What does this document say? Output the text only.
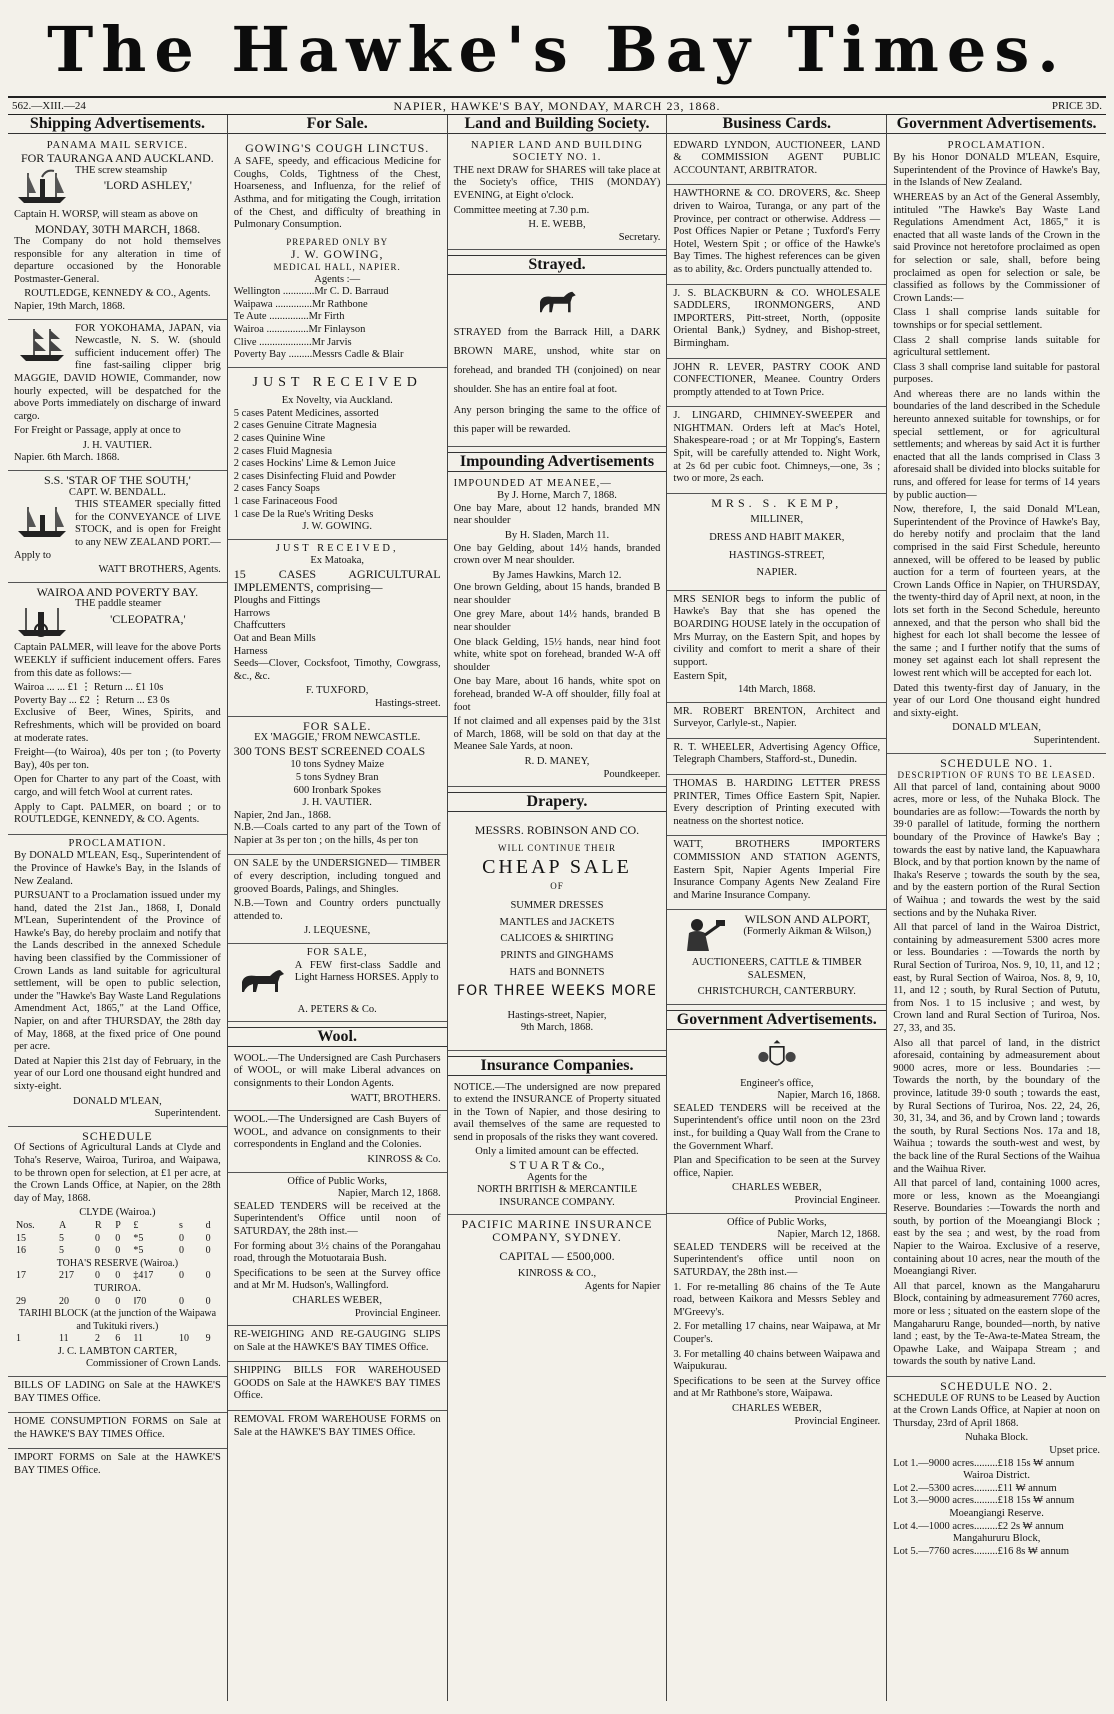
The Hawke's Bay Times.
562.—XIII.—24	NAPIER, HAWKE'S BAY, MONDAY, MARCH 23, 1868.	PRICE 3D.
Shipping Advertisements.
PANAMA MAIL SERVICE.
FOR TAURANGA AND AUCKLAND.
THE screw steamship
'LORD ASHLEY,'
Captain H. WORSP, will steam as above on
MONDAY, 30TH MARCH, 1868.
The Company do not hold themselves responsible for any alteration in time of departure occasioned by the Honorable Postmaster-General.
ROUTLEDGE, KENNEDY & CO., Agents.
Napier, 19th March, 1868.
FOR YOKOHAMA, JAPAN, via Newcastle, N. S. W. (should sufficient inducement offer) The fine fast-sailing clipper brig MAGGIE, DAVID HOWIE, Commander, now hourly expected, will be despatched for the above Ports immediately on discharge of inward cargo.
For Freight or Passage, apply at once to
J. H. VAUTIER.
Napier. 6th March. 1868.
S.S. 'STAR OF THE SOUTH,'
CAPT. W. BENDALL.
THIS STEAMER specially fitted for the CONVEYANCE of LIVE STOCK, and is open for Freight to any NEW ZEALAND PORT.—Apply to
WATT BROTHERS, Agents.
WAIROA AND POVERTY BAY.
THE paddle steamer
'CLEOPATRA,'
Captain PALMER, will leave for the above Ports WEEKLY if sufficient inducement offers. Fares from this date as follows:—
Wairoa ... ... £1 ⋮ Return ... £1 10s
Poverty Bay ... £2 ⋮ Return ... £3 0s
Exclusive of Beer, Wines, Spirits, and Refreshments, which will be provided on board at moderate rates.
Freight—(to Wairoa), 40s per ton ; (to Poverty Bay), 40s per ton.
Open for Charter to any part of the Coast, with cargo, and will fetch Wool at current rates.
Apply to Capt. PALMER, on board ; or to ROUTLEDGE, KENNEDY, & CO. Agents.
PROCLAMATION.
By DONALD M'LEAN, Esq., Superintendent of the Province of Hawke's Bay, in the Islands of New Zealand.
PURSUANT to a Proclamation issued under my hand, dated the 21st Jan., 1868, I, Donald M'Lean, Superintendent of the Province of Hawke's Bay, do hereby proclaim and notify that the Lands described in the annexed Schedule having been classified by the Commissioner of Crown Lands as land suitable for agricultural settlement, will be open to public selection, under the "Hawke's Bay Waste Land Regulations Amendment Act, 1865," at the Land Office, Napier, on and after THURSDAY, the 28th day of May, 1868, at the fixed price of One pound per acre.
Dated at Napier this 21st day of February, in the year of our Lord one thousand eight hundred and sixty-eight.
DONALD M'LEAN,
Superintendent.
SCHEDULE
Of Sections of Agricultural Lands at Clyde and Toha's Reserve, Wairoa, Turiroa, and Waipawa, to be thrown open for selection, at £1 per acre, at the Crown Lands Office, at Napier, on the 28th day of May, 1868.
CLYDE (Wairoa.)
Nos.	A	R	P	£	s	d
15	5	0	0	*5	0	0
16	5	0	0	*5	0	0
TOHA'S RESERVE (Wairoa.)						
17	217	0	0	‡417	0	0
TURIROA.						
29	20	0	0	‖70	0	0
TARIHI BLOCK (at the junction of the Waipawa and Tukituki rivers.)						
1	11	2	6	11	10	9
J. C. LAMBTON CARTER,
Commissioner of Crown Lands.
BILLS OF LADING on Sale at the HAWKE'S BAY TIMES Office.
HOME CONSUMPTION FORMS on Sale at the HAWKE'S BAY TIMES Office.
IMPORT FORMS on Sale at the HAWKE'S BAY TIMES Office.
For Sale.
GOWING'S COUGH LINCTUS.
A SAFE, speedy, and efficacious Medicine for Coughs, Colds, Tightness of the Chest, Hoarseness, and Influenza, for the relief of Asthma, and for mitigating the Cough, irritation of the Chest, and difficulty of breathing in Pulmonary Consumption.
PREPARED ONLY BY
J. W. GOWING,
MEDICAL HALL, NAPIER.
Agents :—
Wellington ............Mr C. D. Barraud
Waipawa ..............Mr Rathbone
Te Aute ...............Mr Firth
Wairoa ................Mr Finlayson
Clive ....................Mr Jarvis
Poverty Bay .........Messrs Cadle & Blair
JUST RECEIVED
Ex Novelty, via Auckland.
5 cases Patent Medicines, assorted
2 cases Genuine Citrate Magnesia
2 cases Quinine Wine
2 cases Fluid Magnesia
2 cases Hockins' Lime & Lemon Juice
2 cases Disinfecting Fluid and Powder
2 cases Fancy Soaps
1 case Farinaceous Food
1 case De la Rue's Writing Desks
J. W. GOWING.
JUST RECEIVED,
Ex Matoaka,
15 CASES AGRICULTURAL IMPLEMENTS, comprising—
Ploughs and Fittings
Harrows
Chaffcutters
Oat and Bean Mills
Harness
Seeds—Clover, Cocksfoot, Timothy, Cowgrass, &c., &c.
F. TUXFORD,
Hastings-street.
FOR SALE.
EX 'MAGGIE,' FROM NEWCASTLE.
300 TONS BEST SCREENED COALS
10 tons Sydney Maize
5 tons Sydney Bran
600 Ironbark Spokes
J. H. VAUTIER.
Napier, 2nd Jan., 1868.
N.B.—Coals carted to any part of the Town of Napier at 3s per ton ; on the hills, 4s per ton
ON SALE by the UNDERSIGNED— TIMBER of every description, including tongued and grooved Boards, Palings, and Shingles.
N.B.—Town and Country orders punctually attended to.
J. LEQUESNE,
FOR SALE,
A FEW first-class Saddle and Light Harness HORSES. Apply to
A. PETERS & Co.
Wool.
WOOL.—The Undersigned are Cash Purchasers of WOOL, or will make Liberal advances on consignments to their London Agents.
WATT, BROTHERS.
WOOL.—The Undersigned are Cash Buyers of WOOL, and advance on consignments to their correspondents in England and the Colonies.
KINROSS & Co.
Office of Public Works,
Napier, March 12, 1868.
SEALED TENDERS will be received at the Superintendent's Office until noon of SATURDAY, the 28th inst.—
For forming about 3½ chains of the Porangahau road, through the Motuotaraia Bush.
Specifications to be seen at the Survey office and at Mr M. Hudson's, Wallingford.
CHARLES WEBER,
Provincial Engineer.
RE-WEIGHING AND RE-GAUGING SLIPS on Sale at the HAWKE'S BAY TIMES Office.
SHIPPING BILLS FOR WAREHOUSED GOODS on Sale at the HAWKE'S BAY TIMES Office.
REMOVAL FROM WAREHOUSE FORMS on Sale at the HAWKE'S BAY TIMES Office.
Land and Building Society.
NAPIER LAND AND BUILDING SOCIETY NO. 1.
THE next DRAW for SHARES will take place at the Society's office, THIS (MONDAY) EVENING, at Eight o'clock.
Committee meeting at 7.30 p.m.
H. E. WEBB,
Secretary.
Strayed.
STRAYED from the Barrack Hill, a DARK BROWN MARE, unshod, white star on forehead, and branded TH (conjoined) on near shoulder. She has an entire foal at foot.
Any person bringing the same to the office of this paper will be rewarded.
Impounding Advertisements
IMPOUNDED AT MEANEE,—
By J. Horne, March 7, 1868.
One bay Mare, about 12 hands, branded MN near shoulder
By H. Sladen, March 11.
One bay Gelding, about 14½ hands, branded crown over M near shoulder.
By James Hawkins, March 12.
One brown Gelding, about 15 hands, branded B near shoulder
One grey Mare, about 14½ hands, branded B near shoulder
One black Gelding, 15½ hands, near hind foot white, white spot on forehead, branded W-A off shoulder
One bay Mare, about 16 hands, white spot on forehead, branded W-A off shoulder, filly foal at foot
If not claimed and all expenses paid by the 31st of March, 1868, will be sold on that day at the Meanee Sale Yards, at noon.
R. D. MANEY,
Poundkeeper.
Drapery.
MESSRS. ROBINSON AND CO.
WILL CONTINUE THEIR
CHEAP SALE
OF
SUMMER DRESSES
MANTLES and JACKETS
CALICOES & SHIRTING
PRINTS and GINGHAMS
HATS and BONNETS
FOR THREE WEEKS MORE
Hastings-street, Napier,
9th March, 1868.
Insurance Companies.
NOTICE.—The undersigned are now prepared to extend the INSURANCE of Property situated in the Town of Napier, and those desiring to avail themselves of the same are requested to send in proposals of the risks they want covered.
Only a limited amount can be effected.
S T U A R T & Co.,
Agents for the
NORTH BRITISH & MERCANTILE INSURANCE COMPANY.
PACIFIC MARINE INSURANCE COMPANY, SYDNEY.
CAPITAL — £500,000.
KINROSS & CO.,
Agents for Napier
Business Cards.
EDWARD LYNDON, AUCTIONEER, LAND & COMMISSION AGENT PUBLIC ACCOUNTANT, ARBITRATOR.
HAWTHORNE & CO. DROVERS, &c. Sheep driven to Wairoa, Turanga, or any part of the Province, per contract or otherwise. Address —Post Offices Napier or Petane ; Tuxford's Ferry Hotel, Western Spit ; or office of the Hawke's Bay Times. The highest references can be given as to ability, &c. Orders punctually attended to.
J. S. BLACKBURN & CO. WHOLESALE SADDLERS, IRONMONGERS, AND IMPORTERS, Pitt-street, North, (opposite Oriental Bank,) Sydney, and Bishop-street, Birmingham.
JOHN R. LEVER, PASTRY COOK AND CONFECTIONER, Meanee. Country Orders promptly attended to at Town Price.
J. LINGARD, CHIMNEY-SWEEPER and NIGHTMAN. Orders left at Mac's Hotel, Shakespeare-road ; or at Mr Topping's, Eastern Spit, will be carefully attended to. Night Work, at 2s 6d per cubic foot. Chimneys,—one, 3s ; two or more, 2s each.
MRS. S. KEMP,
MILLINER,
DRESS AND HABIT MAKER,
HASTINGS-STREET,
NAPIER.
MRS SENIOR begs to inform the public of Hawke's Bay that she has opened the BOARDING HOUSE lately in the occupation of Mrs Murray, on the Eastern Spit, and hopes by civility and comfort to merit a share of their support.
Eastern Spit,
14th March, 1868.
MR. ROBERT BRENTON, Architect and Surveyor, Carlyle-st., Napier.
R. T. WHEELER, Advertising Agency Office, Telegraph Chambers, Stafford-st., Dunedin.
THOMAS B. HARDING LETTER PRESS PRINTER, Times Office Eastern Spit, Napier. Every description of Printing executed with neatness on the shortest notice.
WATT, BROTHERS IMPORTERS COMMISSION AND STATION AGENTS, Eastern Spit, Napier Agents Imperial Fire Insurance Company Agents New Zealand Fire and Marine Insurance Company.
WILSON AND ALPORT,
(Formerly Aikman & Wilson,)
AUCTIONEERS, CATTLE & TIMBER SALESMEN,
CHRISTCHURCH, CANTERBURY.
Government Advertisements.
Engineer's office,
Napier, March 16, 1868.
SEALED TENDERS will be received at the Superintendent's office until noon on the 23rd inst., for building a Quay Wall from the Crane to the Government Wharf.
Plan and Specification to be seen at the Survey office, Napier.
CHARLES WEBER,
Provincial Engineer.
Office of Public Works,
Napier, March 12, 1868.
SEALED TENDERS will be received at the Superintendent's office until noon on SATURDAY, the 28th inst.—
1. For re-metalling 86 chains of the Te Aute road, between Kaikora and Messrs Sebley and M'Greevy's.
2. For metalling 17 chains, near Waipawa, at Mr Couper's.
3. For metalling 40 chains between Waipawa and Waipukurau.
Specifications to be seen at the Survey office and at Mr Rathbone's store, Waipawa.
CHARLES WEBER,
Provincial Engineer.
Government Advertisements.
PROCLAMATION.
By his Honor DONALD M'LEAN, Esquire, Superintendent of the Province of Hawke's Bay, in the Islands of New Zealand.
WHEREAS by an Act of the General Assembly, intituled "The Hawke's Bay Waste Land Regulations Amendment Act, 1865," it is enacted that all waste lands of the Crown in the said Province not heretofore proclaimed as open for selection or sale, shall, before being proclaimed as open for selection or sale, be classified as follows by the Commissioner of Crown Lands:—
Class 1 shall comprise lands suitable for townships or for special settlement.
Class 2 shall comprise lands suitable for agricultural settlement.
Class 3 shall comprise land suitable for pastoral purposes.
And whereas there are no lands within the boundaries of the land described in the Schedule hereunto annexed suitable for townships, or for special settlement, or for agricultural settlements; and whereas by said Act it is further enacted that all the lands comprised in Class 3 aforesaid shall be divided into blocks suitable for runs, and offered for lease for terms of 14 years by public auction—
Now, therefore, I, the said Donald M'Lean, Superintendent of the Province of Hawke's Bay, do hereby notify and proclaim that the land comprised in the said First Schedule, hereunto annexed, will be offered to be leased by public auction for a term of fourteen years, at the Crown Lands Office in Napier, on THURSDAY, the twenty-third day of April next, at noon, in the lots set forth in the Second Schedule, hereunto annexed, and that the person who shall bid the highest for each lot shall become the lessee of the same ; and I further notify that the sums of money set against each lot shall represent the lowest rent which will be accepted for each lot.
Dated this twenty-first day of January, in the year of our Lord One thousand eight hundred and sixty-eight.
DONALD M'LEAN,
Superintendent.
SCHEDULE NO. 1.
DESCRIPTION OF RUNS TO BE LEASED.
All that parcel of land, containing about 9000 acres, more or less, of the Nuhaka Block. The boundaries are as follow:—Towards the north by 39·0 parallel of latitude, forming the northern boundary of the Province of Hawke's Bay ; towards the east by native land, the Kapuawhara Block, and by that portion known by the name of Ihaka's Reserve ; towards the south by the sea, and by the eastern portion of the Rural Section of Waihua ; and towards the west by the said sections and by the Nuhaka River.
All that parcel of land in the Wairoa District, containing by admeasurement 5300 acres more or less. Boundaries : —Towards the north by Rural Section of Turiroa, Nos. 9, 10, 11, and 12 ; east, by Rural Section of Wairoa, Nos. 8, 9, 10, 11, and 12 ; south, by Rural Section of Pututu, from Nos. 1 to 15 inclusive ; and west, by Crown land and Rural Section of Turiroa, Nos. 27, 33, and 35.
Also all that parcel of land, in the district aforesaid, containing by admeasurement about 9000 acres, more or less. Boundaries :—Towards the north, by the boundary of the province, latitude 39·0 south ; towards the east, by Rural Sections of Turiroa, Nos. 22, 24, 26, 30, 31, 34, and 36, and by Crown land ; towards the south, by Rural Sections Nos. 17a and 18, Waihua ; towards the south-west and west, by the back line of the Rural Sections of the Waihua and the Waihua River.
All that parcel of land, containing 1000 acres, more or less, known as the Moeangiangi Reserve. Boundaries :—Towards the north and south, by portion of the Moeangiangi Block ; east by the sea ; and west, by the road from Napier to the Wairoa. Exclusive of a reserve, containing about 10 acres, near the mouth of the Moeangiangi River.
All that parcel, known as the Mangaharuru Block, containing by admeasurement 7760 acres, more or less ; situated on the eastern slope of the Mangaharuru Range, bounded—north, by native land ; east, by the Te-Awa-te-Matea Stream, the Opawhe Lake, and Waipapa Stream ; and towards the south by native Land.
SCHEDULE NO. 2.
SCHEDULE OF RUNS to be Leased by Auction at the Crown Lands Office, at Napier at noon on Thursday, 23rd of April 1868.
Nuhaka Block.
Upset price.
Lot 1.—9000 acres.........£18 15s ₩ annum
Wairoa District.
Lot 2.—5300 acres.........£11 ₩ annum
Lot 3.—9000 acres.........£18 15s ₩ annum
Moeangiangi Reserve.
Lot 4.—1000 acres.........£2 2s ₩ annum
Mangahururu Block,
Lot 5.—7760 acres.........£16 8s ₩ annum
